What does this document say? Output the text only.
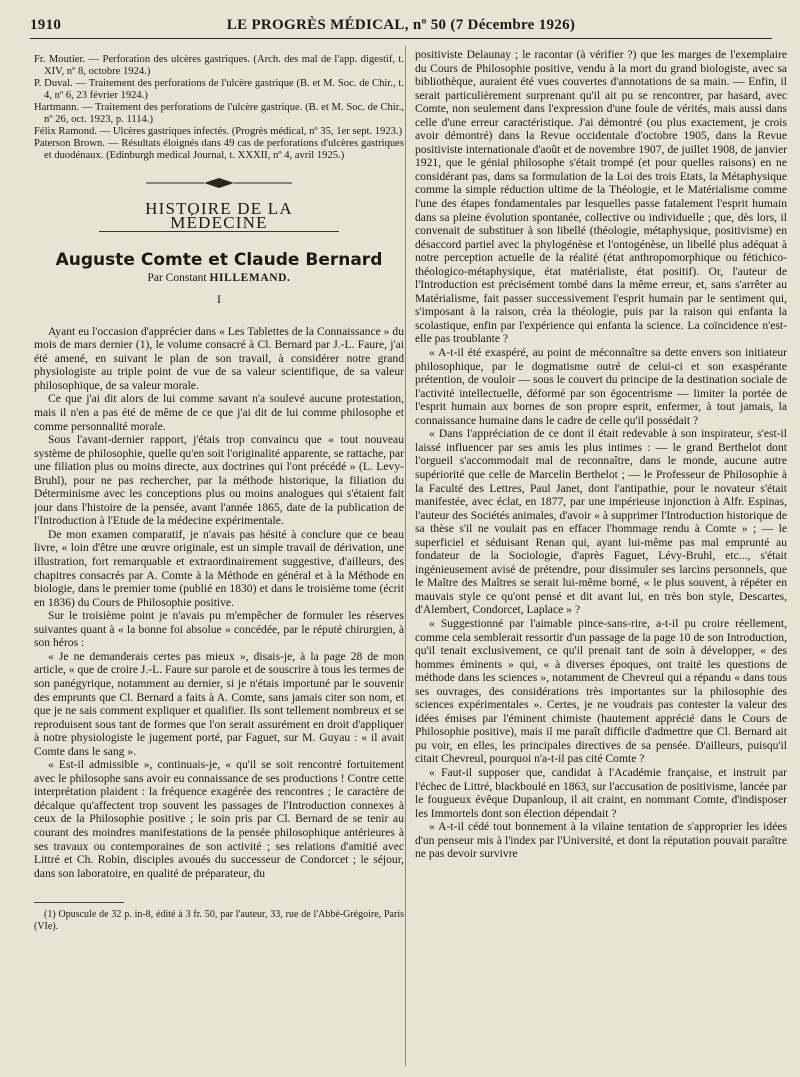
1910	LE PROGRÈS MÉDICAL, nº 50 (7 Décembre 1926)

Fr. Moutier. — Perforation des ulcères gastriques. (Arch. des mal de l'app. digestif, t. XIV, nº 8, octobre 1924.)

P. Duval. — Traitement des perforations de l'ulcère gastrique (B. et M. Soc. de Chir., t. 4, nº 6, 23 février 1924.)

Hartmann. — Traitement des perforations de l'ulcère gastrique. (B. et M. Soc. de Chir., nº 26, oct. 1923, p. 1114.)

Félix Ramond. — Ulcères gastriques infectés. (Progrès médical, nº 35, 1er sept. 1923.)

Paterson Brown. — Résultats éloignés dans 49 cas de perforations d'ulcères gastriques et duodénaux. (Edinburgh medical Journal, t. XXXII, nº 4, avril 1925.)

HISTOIRE DE LA MÉDECINE
Auguste Comte et Claude Bernard
Par Constant HILLEMAND.
I

Ayant eu l'occasion d'apprécier dans « Les Tablettes de la Connaissance » du mois de mars dernier (1), le volume consacré à Cl. Bernard par J.-L. Faure, j'ai été amené, en suivant le plan de son travail, à considérer notre grand physiologiste au triple point de vue de sa valeur scientifique, de sa valeur philosophique, de sa valeur morale.

Ce que j'ai dit alors de lui comme savant n'a soulevé aucune protestation, mais il n'en a pas été de même de ce que j'ai dit de lui comme philosophe et comme personnalité morale.

Sous l'avant-dernier rapport, j'étais trop convaincu que « tout nouveau système de philosophie, quelle qu'en soit l'originalité apparente, se rattache, par une filiation plus ou moins directe, aux doctrines qui l'ont précédé » (L. Levy-Bruhl), pour ne pas rechercher, par la méthode historique, la filiation du Déterminisme avec les conceptions plus ou moins analogues qui s'étaient fait jour dans l'histoire de la pensée, avant l'année 1865, date de la publication de l'Introduction à l'Etude de la médecine expérimentale.

De mon examen comparatif, je n'avais pas hésité à conclure que ce beau livre, « loin d'être une œuvre originale, est un simple travail de dérivation, une illustration, fort remarquable et extraordinairement suggestive, d'ailleurs, des chapitres consacrés par A. Comte à la Méthode en général et à la Méthode en biologie, dans le premier tome (publié en 1830) et dans le troisième tome (écrit en 1836) du Cours de Philosophie positive.

Sur le troisième point je n'avais pu m'empêcher de formuler les réserves suivantes quant à « la bonne foi absolue » concédée, par le réputé chirurgien, à son héros :

« Je ne demanderais certes pas mieux », disais-je, à la page 28 de mon article, « que de croire J.-L. Faure sur parole et de souscrire à tous les termes de son panégyrique, notamment au dernier, si je n'étais importuné par le souvenir des emprunts que Cl. Bernard a faits à A. Comte, sans jamais citer son nom, et que je ne sais comment expliquer et qualifier. Ils sont tellement nombreux et se reproduisent sous tant de formes que l'on serait assurément en droit d'appliquer à notre physiologiste le jugement porté, par Faguet, sur M. Guyau : « il avait Comte dans le sang ».

« Est-il admissible », continuais-je, « qu'il se soit rencontré fortuitement avec le philosophe sans avoir eu connaissance de ses productions ! Contre cette interprétation plaident : la fréquence exagérée des rencontres ; le caractère de décalque qu'affectent trop souvent les passages de l'Introduction connexes à ceux de la Philosophie positive ; le soin pris par Cl. Bernard de se tenir au courant des moindres manifestations de la pensée philosophique antérieures à ses travaux ou contemporaines de son activité ; ses relations d'amitié avec Littré et Ch. Robin, disciples avoués du successeur de Condorcet ; le séjour, dans son laboratoire, en qualité de préparateur, du

(1) Opuscule de 32 p. in-8, édité à 3 fr. 50, par l'auteur, 33, rue de l'Abbé-Grégoire, Paris (VIe).

positiviste Delaunay ; le racontar (à vérifier ?) que les marges de l'exemplaire du Cours de Philosophie positive, vendu à la mort du grand biologiste, avec sa bibliothèque, auraient été vues couvertes d'annotations de sa main. — Enfin, il serait particulièrement surprenant qu'il ait pu se rencontrer, par hasard, avec Comte, non seulement dans l'expression d'une foule de vérités, mais aussi dans celle d'une erreur caractéristique. J'ai démontré (ou plus exactement, je crois avoir démontré) dans la Revue occidentale d'octobre 1905, dans la Revue positiviste internationale d'août et de novembre 1907, de juillet 1908, de janvier 1921, que le génial philosophe s'était trompé (et pour quelles raisons) en ne considérant pas, dans sa formulation de la Loi des trois Etats, la Métaphysique comme la simple réduction ultime de la Théologie, et le Matérialisme comme l'une des étapes fondamentales par lesquelles passe fatalement l'esprit humain dans sa pleine évolution spontanée, collective ou individuelle ; que, dès lors, il convenait de substituer à son libellé (théologie, métaphysique, positivisme) en désaccord partiel avec la phylogénèse et l'ontogénèse, un libellé plus adéquat à notre perception actuelle de la réalité (état anthropomorphique ou fétichico-théologico-métaphysique, état matérialiste, état positif). Or, l'auteur de l'Introduction est précisément tombé dans la même erreur, et, sans s'arrêter au Matérialisme, fait passer successivement l'esprit humain par le sentiment qui, s'imposant à la raison, créa la théologie, puis par la raison qui enfanta la scolastique, enfin par l'expérience qui enfanta la science. La coïncidence n'est-elle pas troublante ?

« A-t-il été exaspéré, au point de méconnaître sa dette envers son initiateur philosophique, par le dogmatisme outré de celui-ci et son exaspérante prétention, de vouloir — sous le couvert du principe de la destination sociale de l'activité intellectuelle, déformé par son égocentrisme — limiter la portée de l'esprit humain aux bornes de son propre esprit, enfermer, à tout jamais, la connaissance humaine dans le cadre de celle qu'il possédait ?

« Dans l'appréciation de ce dont il était redevable à son inspirateur, s'est-il laissé influencer par ses amis les plus intimes : — le grand Berthelot dont l'orgueil s'accommodait mal de reconnaître, dans le monde, aucune autre supériorité que celle de Marcelin Berthelot ; — le Professeur de Philosophie à la Faculté des Lettres, Paul Janet, dont l'antipathie, pour le novateur s'était manifestée, avec éclat, en 1877, par une impérieuse injonction à Alfr. Espinas, l'auteur des Sociétés animales, d'avoir « à supprimer l'Introduction historique de sa thèse s'il ne voulait pas en effacer l'hommage rendu à Comte » ; — le superficiel et séduisant Renan qui, ayant lui-même pas mal emprunté au fondateur de la Sociologie, d'après Faguet, Lévy-Bruhl, etc..., s'était ingénieusement avisé de prétendre, pour dissimuler ses larcins personnels, que le Maître des Maîtres se serait lui-même borné, « le plus souvent, à répéter en mauvais style ce qu'ont pensé et dit avant lui, en très bon style, Descartes, d'Alembert, Condorcet, Laplace » ?

« Suggestionné par l'aimable pince-sans-rire, a-t-il pu croire réellement, comme cela semblerait ressortir d'un passage de la page 10 de son Introduction, qu'il tenait exclusivement, ce qu'il prenait tant de soin à développer, « des hommes éminents » qui, « à diverses époques, ont traité les questions de méthode dans les sciences », notamment de Chevreul qui a répandu « dans tous ses ouvrages, des considérations très importantes sur la philosophie des sciences expérimentales ». Certes, je ne voudrais pas contester la valeur des idées émises par l'éminent chimiste (hautement apprécié dans le Cours de Philosophie positive), mais il me paraît difficile d'admettre que Cl. Bernard ait pu voir, en elles, les principales directives de sa pensée. D'ailleurs, puisqu'il citait Chevreul, pourquoi n'a-t-il pas cité Comte ?

« Faut-il supposer que, candidat à l'Académie française, et instruit par l'échec de Littré, blackboulé en 1863, sur l'accusation de positivisme, lancée par le fougueux évêque Dupanloup, il ait craint, en nommant Comte, d'indisposer les Immortels dont son élection dépendait ?

« A-t-il cédé tout bonnement à la vilaine tentation de s'approprier les idées d'un penseur mis à l'index par l'Université, et dont la réputation pouvait paraître ne pas devoir survivre
